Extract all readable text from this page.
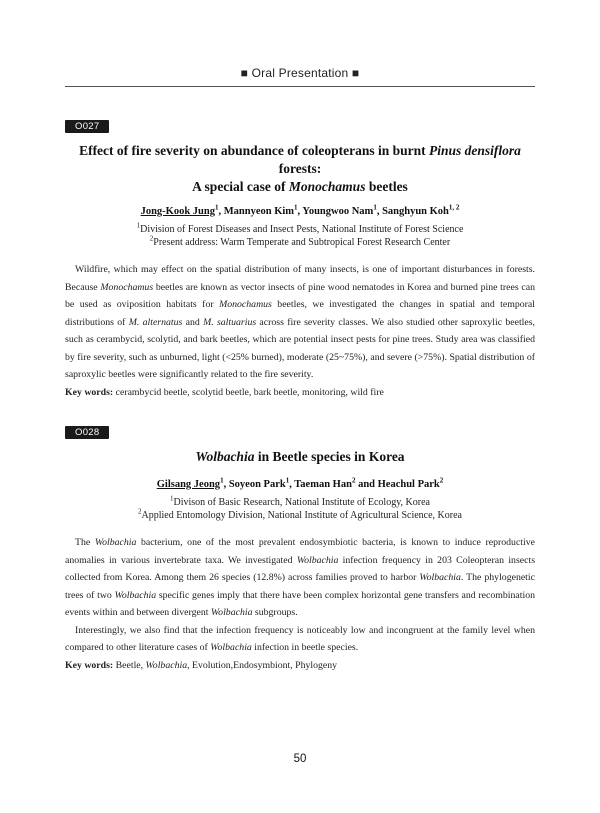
■ Oral Presentation ■
O027
Effect of fire severity on abundance of coleopterans in burnt Pinus densiflora forests:
A special case of Monochamus beetles
Jong-Kook Jung$^1$, Mannyeon Kim$^1$, Youngwoo Nam$^1$, Sanghyun Koh$^{1, 2}$
$^1$Division of Forest Diseases and Insect Pests, National Institute of Forest Science
$^2$Present address: Warm Temperate and Subtropical Forest Research Center

Wildfire, which may effect on the spatial distribution of many insects, is one of important disturbances in forests. Because Monochamus beetles are known as vector insects of pine wood nematodes in Korea and burned pine trees can be used as oviposition habitats for Monochamus beetles, we investigated the changes in spatial and temporal distributions of M. alternatus and M. saltuarius across fire severity classes. We also studied other saproxylic beetles, such as cerambycid, scolytid, and bark beetles, which are potential insect pests for pine trees. Study area was classified by fire severity, such as unburned, light (<25% burned), moderate (25~75%), and severe (>75%). Spatial distribution of saproxylic beetles were significantly related to the fire severity.

Key words: cerambycid beetle, scolytid beetle, bark beetle, monitoring, wild fire
O028
Wolbachia in Beetle species in Korea
Gilsang Jeong$^1$, Soyeon Park$^1$, Taeman Han$^2$ and Heachul Park$^2$
$^1$Divison of Basic Research, National Institute of Ecology, Korea
$^2$Applied Entomology Division, National Institute of Agricultural Science, Korea

The Wolbachia bacterium, one of the most prevalent endosymbiotic bacteria, is known to induce reproductive anomalies in various invertebrate taxa. We investigated Wolbachia infection frequency in 203 Coleopteran insects collected from Korea. Among them 26 species (12.8%) across families proved to harbor Wolbachia. The phylogenetic trees of two Wolbachia specific genes imply that there have been complex horizontal gene transfers and recombination events within and between divergent Wolbachia subgroups.

Interestingly, we also find that the infection frequency is noticeably low and incongruent at the family level when compared to other literature cases of Wolbachia infection in beetle species.

Key words: Beetle, Wolbachia, Evolution,Endosymbiont, Phylogeny
50
